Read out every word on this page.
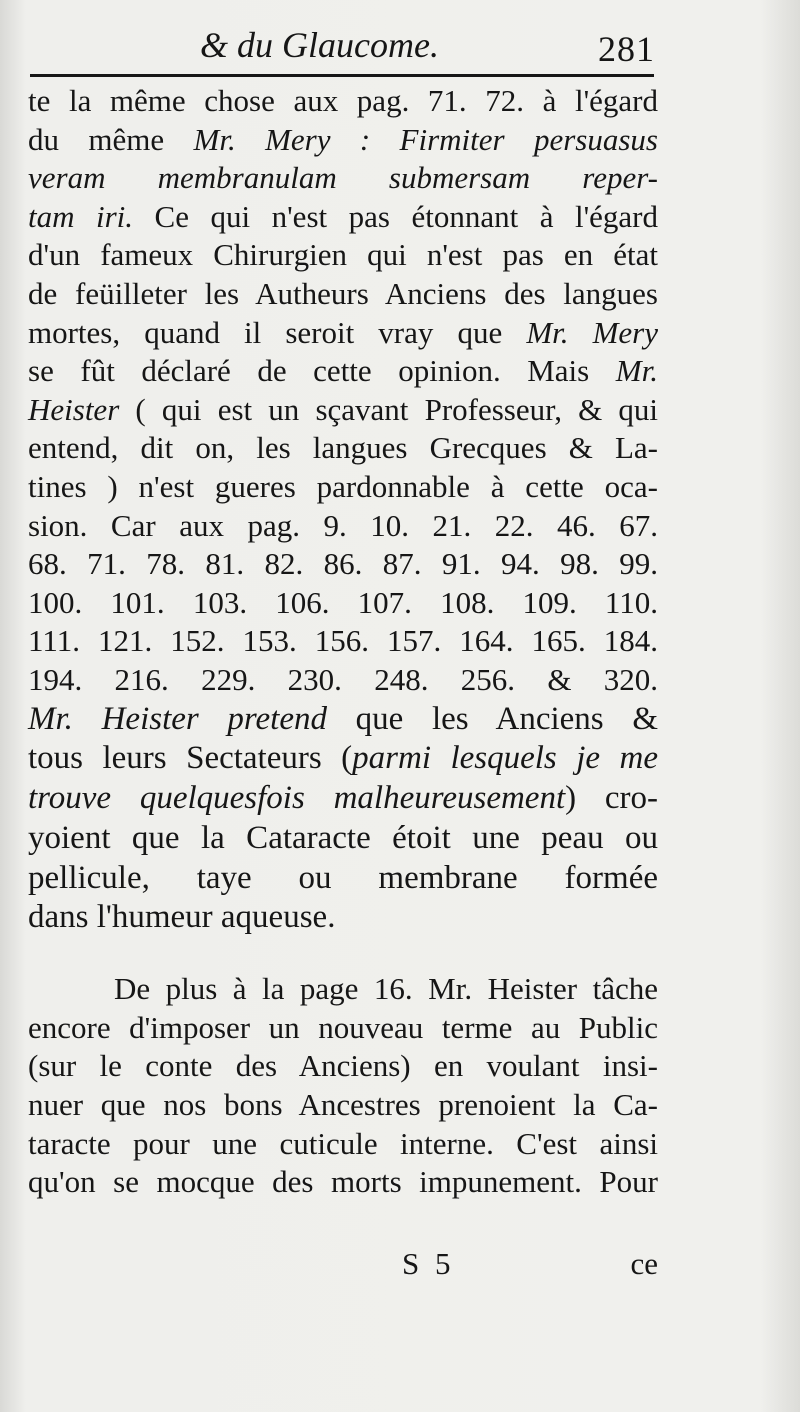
& du Glaucome.	281
te la même chose aux pag. 71. 72. à l'égard
du même Mr. Mery : Firmiter persuasus
veram membranulam submersam reper-
tam iri. Ce qui n'est pas étonnant à l'égard
d'un fameux Chirurgien qui n'est pas en état
de feüilleter les Autheurs Anciens des langues
mortes, quand il seroit vray que Mr. Mery
se fût déclaré de cette opinion. Mais Mr.
Heister ( qui est un sçavant Professeur, & qui
entend, dit on, les langues Grecques & La-
tines ) n'est gueres pardonnable à cette oca-
sion. Car aux pag. 9. 10. 21. 22. 46. 67.
68. 71. 78. 81. 82. 86. 87. 91. 94. 98. 99.
100. 101. 103. 106. 107. 108. 109. 110.
111. 121. 152. 153. 156. 157. 164. 165. 184.
194. 216. 229. 230. 248. 256. & 320.
Mr. Heister pretend que les Anciens &
tous leurs Sectateurs (parmi lesquels je me
trouve quelquesfois malheureusement) cro-
yoient que la Cataracte étoit une peau ou
pellicule, taye ou membrane formée
dans l'humeur aqueuse.
De plus à la page 16. Mr. Heister tâche
encore d'imposer un nouveau terme au Public
(sur le conte des Anciens) en voulant insi-
nuer que nos bons Ancestres prenoient la Ca-
taracte pour une cuticule interne. C'est ainsi
qu'on se mocque des morts impunement. Pour
S 5	ce
